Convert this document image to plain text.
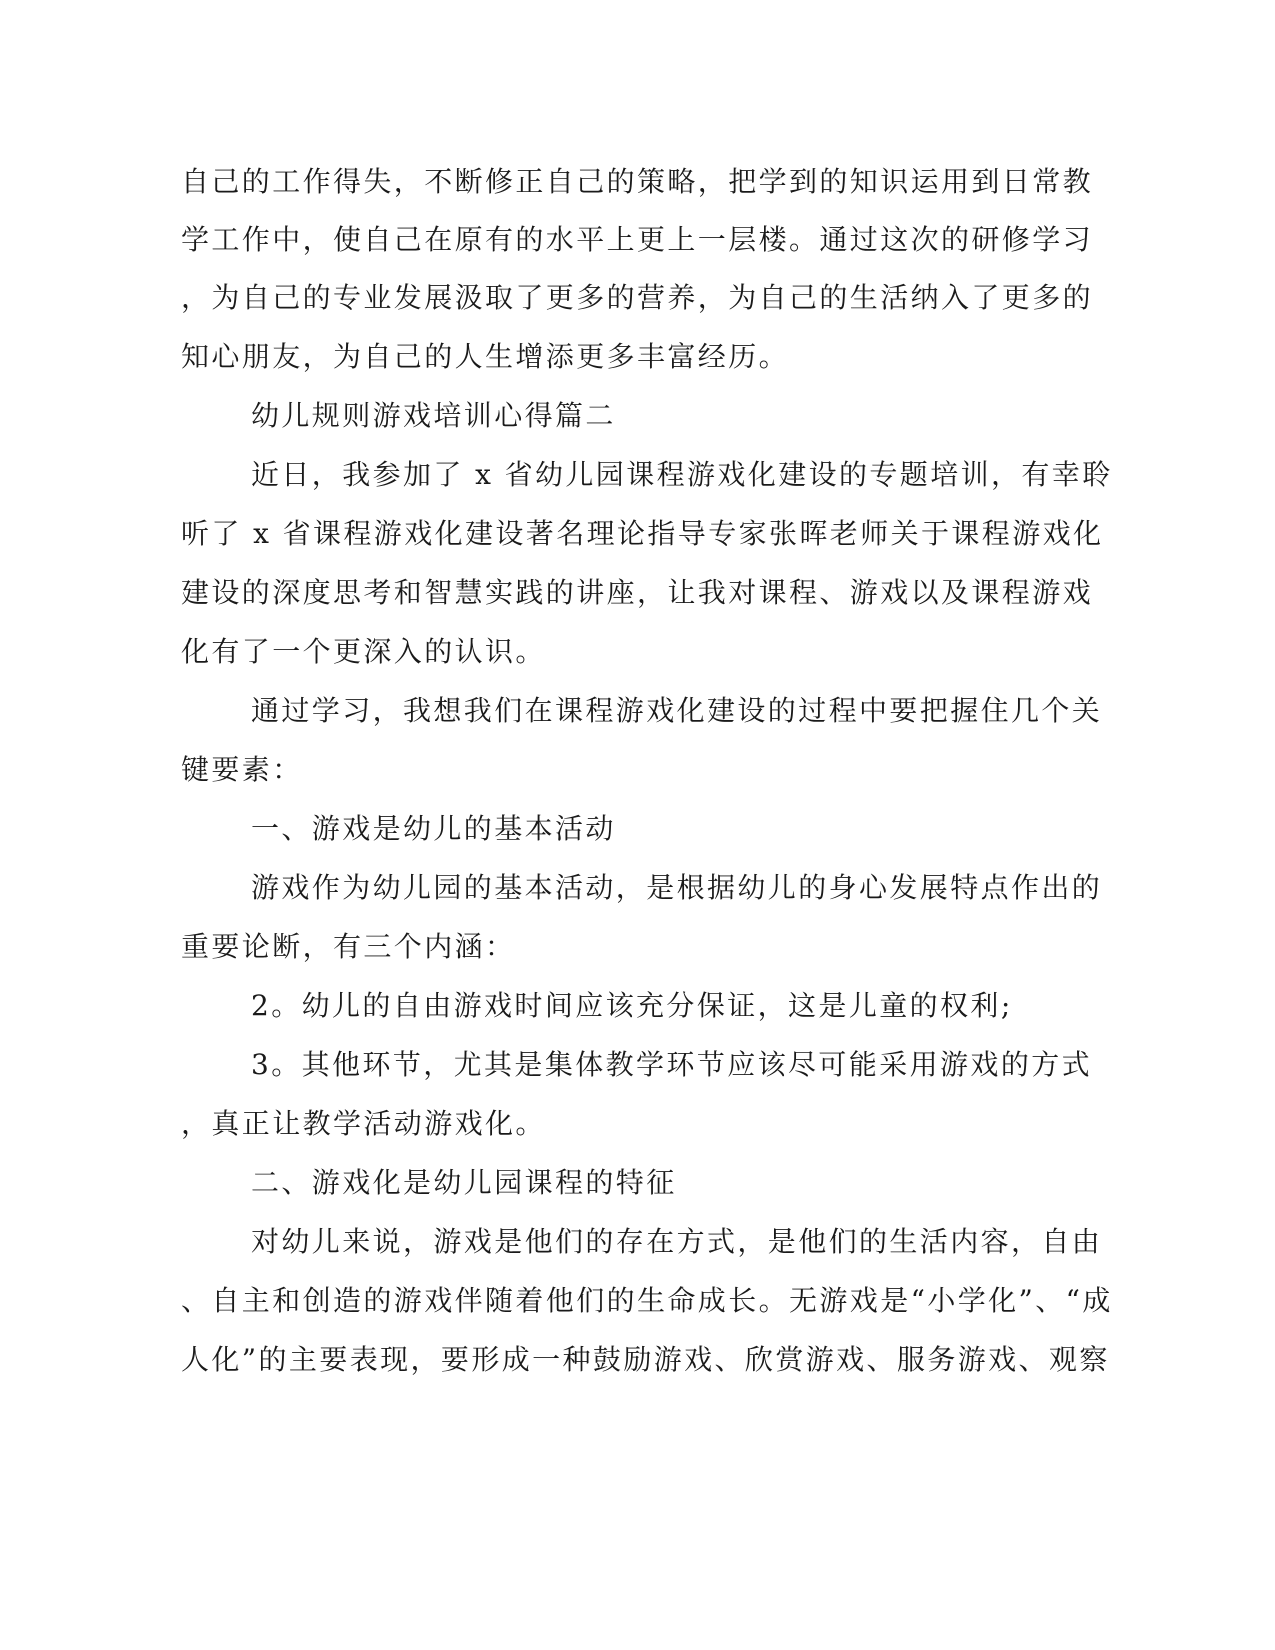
自己的工作得失，不断修正自己的策略，把学到的知识运用到日常教
学工作中，使自己在原有的水平上更上一层楼。通过这次的研修学习
，为自己的专业发展汲取了更多的营养，为自己的生活纳入了更多的
知心朋友，为自己的人生增添更多丰富经历。
幼儿规则游戏培训心得篇二
近日，我参加了 x 省幼儿园课程游戏化建设的专题培训，有幸聆
听了 x 省课程游戏化建设著名理论指导专家张晖老师关于课程游戏化
建设的深度思考和智慧实践的讲座，让我对课程、游戏以及课程游戏
化有了一个更深入的认识。
通过学习，我想我们在课程游戏化建设的过程中要把握住几个关
键要素：
一、游戏是幼儿的基本活动
游戏作为幼儿园的基本活动，是根据幼儿的身心发展特点作出的
重要论断，有三个内涵：
2。幼儿的自由游戏时间应该充分保证，这是儿童的权利;
3。其他环节，尤其是集体教学环节应该尽可能采用游戏的方式
，真正让教学活动游戏化。
二、游戏化是幼儿园课程的特征
对幼儿来说，游戏是他们的存在方式，是他们的生活内容，自由
、自主和创造的游戏伴随着他们的生命成长。无游戏是“小学化”、“成
人化”的主要表现，要形成一种鼓励游戏、欣赏游戏、服务游戏、观察
